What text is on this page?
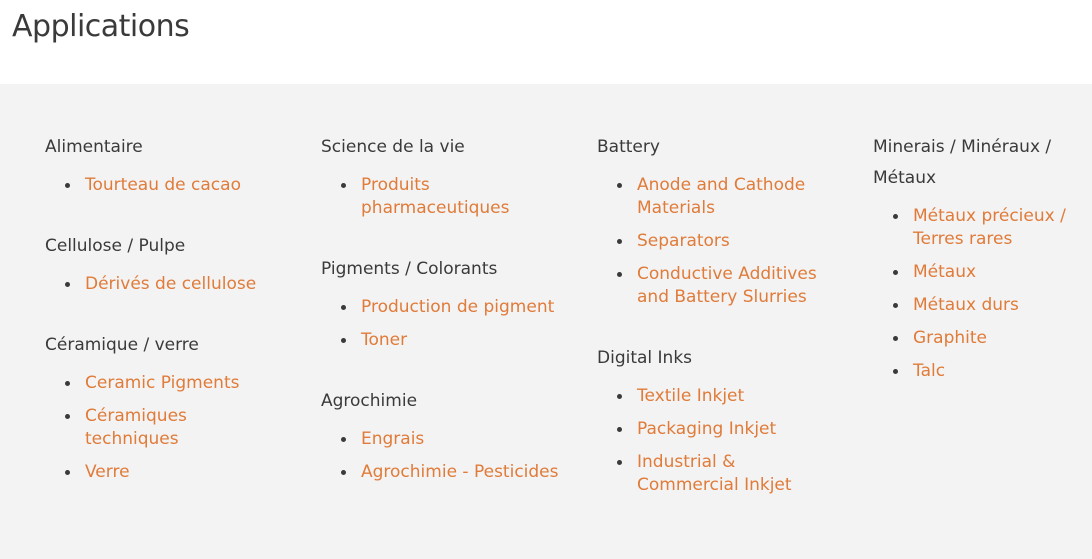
Applications
Alimentaire
Tourteau de cacao
Cellulose / Pulpe
Dérivés de cellulose
Céramique / verre
Ceramic Pigments
Céramiques techniques
Verre
Science de la vie
Produits pharmaceutiques
Pigments / Colorants
Production de pigment
Toner
Agrochimie
Engrais
Agrochimie - Pesticides
Battery
Anode and Cathode Materials
Separators
Conductive Additives and Battery Slurries
Digital Inks
Textile Inkjet
Packaging Inkjet
Industrial & Commercial Inkjet
Minerais / Minéraux / Métaux
Métaux précieux / Terres rares
Métaux
Métaux durs
Graphite
Talc
